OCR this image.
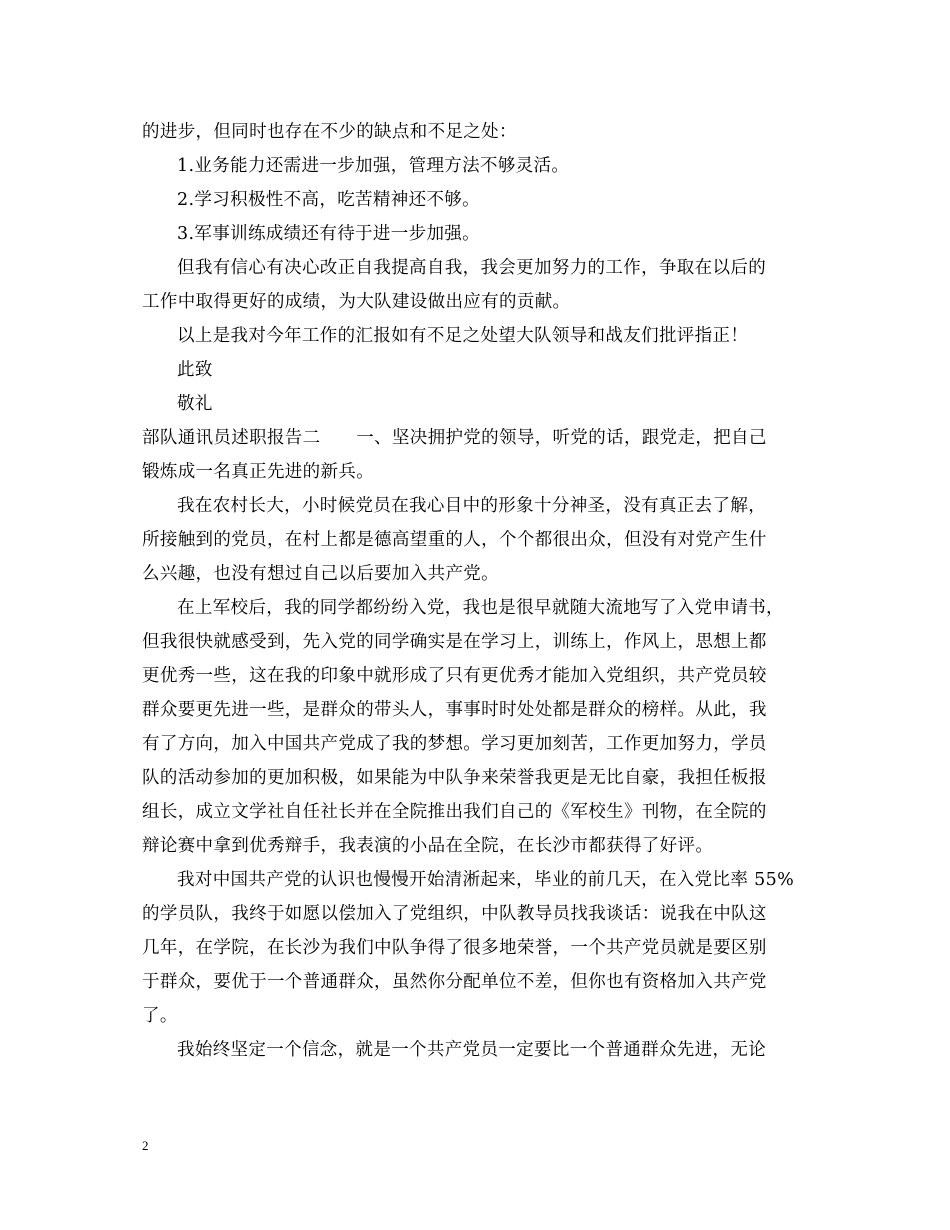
的进步，但同时也存在不少的缺点和不足之处：
1.业务能力还需进一步加强，管理方法不够灵活。
2.学习积极性不高，吃苦精神还不够。
3.军事训练成绩还有待于进一步加强。
但我有信心有决心改正自我提高自我，我会更加努力的工作，争取在以后的
工作中取得更好的成绩，为大队建设做出应有的贡献。
以上是我对今年工作的汇报如有不足之处望大队领导和战友们批评指正！
此致
敬礼
部队通讯员述职报告二　　一、坚决拥护党的领导，听党的话，跟党走，把自己
锻炼成一名真正先进的新兵。
我在农村长大，小时候党员在我心目中的形象十分神圣，没有真正去了解，
所接触到的党员，在村上都是德高望重的人，个个都很出众，但没有对党产生什
么兴趣，也没有想过自己以后要加入共产党。
在上军校后，我的同学都纷纷入党，我也是很早就随大流地写了入党申请书，
但我很快就感受到，先入党的同学确实是在学习上，训练上，作风上，思想上都
更优秀一些，这在我的印象中就形成了只有更优秀才能加入党组织，共产党员较
群众要更先进一些，是群众的带头人，事事时时处处都是群众的榜样。从此，我
有了方向，加入中国共产党成了我的梦想。学习更加刻苦，工作更加努力，学员
队的活动参加的更加积极，如果能为中队争来荣誉我更是无比自豪，我担任板报
组长，成立文学社自任社长并在全院推出我们自己的《军校生》刊物，在全院的
辩论赛中拿到优秀辩手，我表演的小品在全院，在长沙市都获得了好评。
我对中国共产党的认识也慢慢开始清淅起来，毕业的前几天，在入党比率 55%
的学员队，我终于如愿以偿加入了党组织，中队教导员找我谈话：说我在中队这
几年，在学院，在长沙为我们中队争得了很多地荣誉，一个共产党员就是要区别
于群众，要优于一个普通群众，虽然你分配单位不差，但你也有资格加入共产党
了。
我始终坚定一个信念，就是一个共产党员一定要比一个普通群众先进，无论
2
